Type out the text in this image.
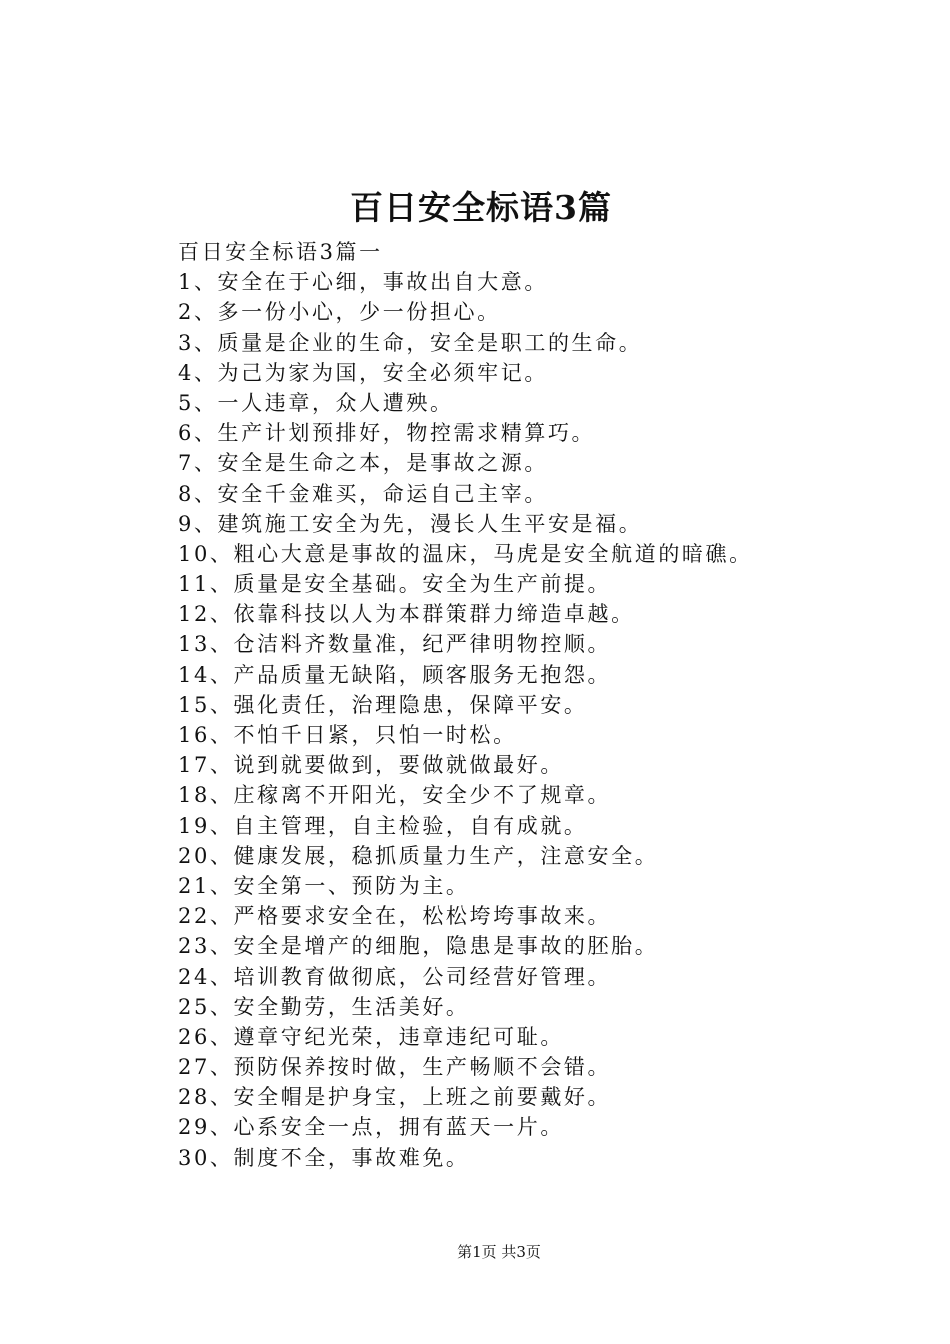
百日安全标语3篇
百日安全标语3篇一
1、安全在于心细，事故出自大意。
2、多一份小心，少一份担心。
3、质量是企业的生命，安全是职工的生命。
4、为己为家为国，安全必须牢记。
5、一人违章，众人遭殃。
6、生产计划预排好，物控需求精算巧。
7、安全是生命之本，是事故之源。
8、安全千金难买，命运自己主宰。
9、建筑施工安全为先，漫长人生平安是福。
10、粗心大意是事故的温床，马虎是安全航道的暗礁。
11、质量是安全基础。安全为生产前提。
12、依靠科技以人为本群策群力缔造卓越。
13、仓洁料齐数量准，纪严律明物控顺。
14、产品质量无缺陷，顾客服务无抱怨。
15、强化责任，治理隐患，保障平安。
16、不怕千日紧，只怕一时松。
17、说到就要做到，要做就做最好。
18、庄稼离不开阳光，安全少不了规章。
19、自主管理，自主检验，自有成就。
20、健康发展，稳抓质量力生产，注意安全。
21、安全第一、预防为主。
22、严格要求安全在，松松垮垮事故来。
23、安全是增产的细胞，隐患是事故的胚胎。
24、培训教育做彻底，公司经营好管理。
25、安全勤劳，生活美好。
26、遵章守纪光荣，违章违纪可耻。
27、预防保养按时做，生产畅顺不会错。
28、安全帽是护身宝，上班之前要戴好。
29、心系安全一点，拥有蓝天一片。
30、制度不全，事故难免。
第1页 共3页
